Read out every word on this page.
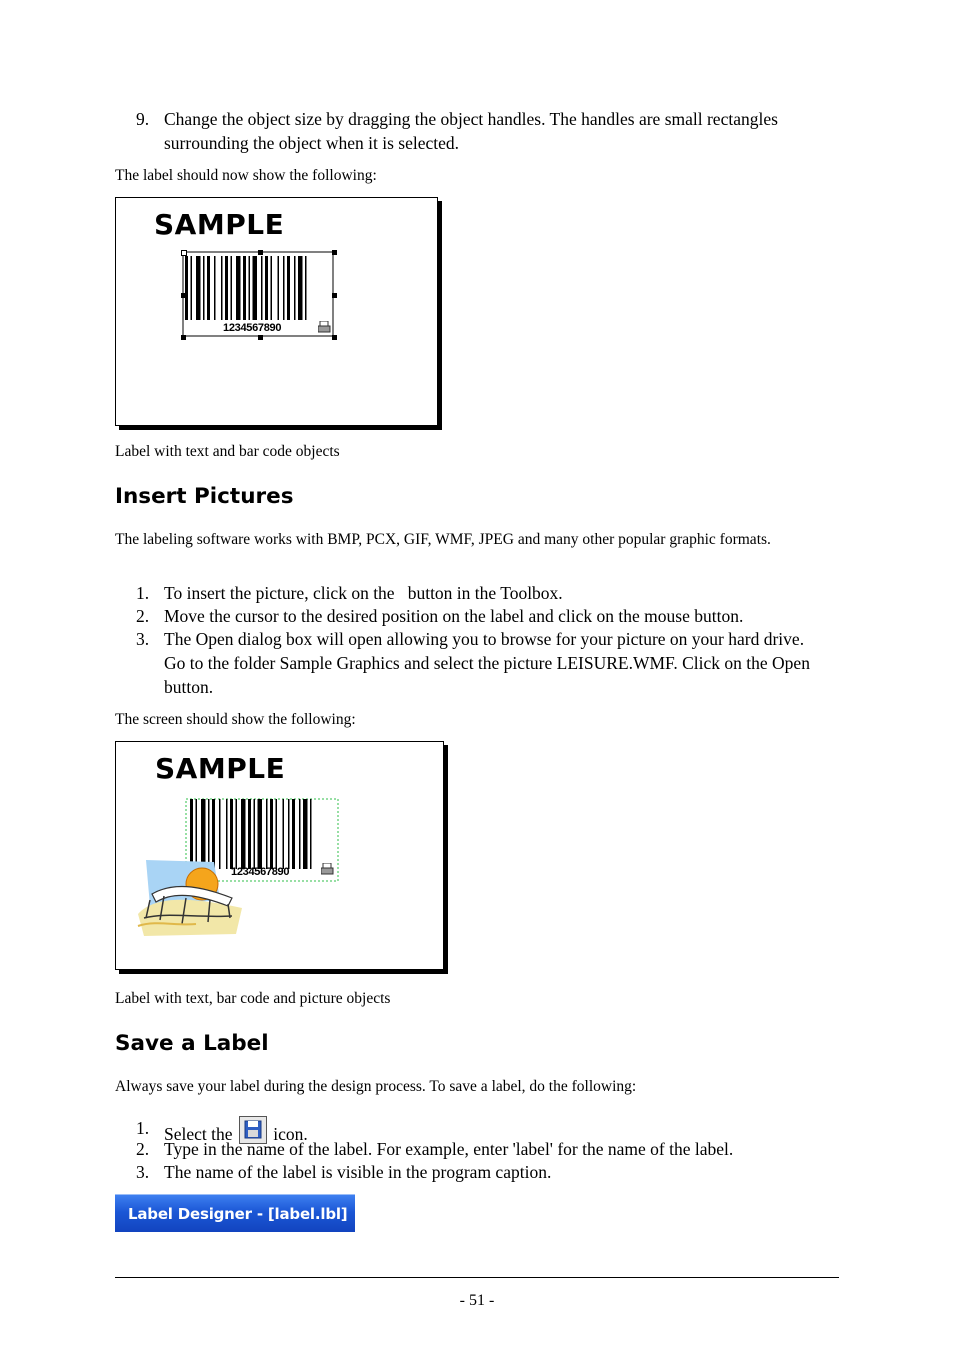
9. Change the object size by dragging the object handles. The handles are small rectangles surrounding the object when it is selected.
The label should now show the following:
SAMPLE
1234567890
Label with text and bar code objects
Insert Pictures
The labeling software works with BMP, PCX, GIF, WMF, JPEG and many other popular graphic formats.
1. To insert the picture, click on the   button in the Toolbox.
2. Move the cursor to the desired position on the label and click on the mouse button.
3. The Open dialog box will open allowing you to browse for your picture on your hard drive. Go to the folder Sample Graphics and select the picture LEISURE.WMF. Click on the Open button.
The screen should show the following:
SAMPLE
1234567890
Label with text, bar code and picture objects
Save a Label
Always save your label during the design process. To save a label, do the following:
1. Select the icon.
2. Type in the name of the label. For example, enter 'label' for the name of the label.
3. The name of the label is visible in the program caption.
Label Designer - [label.lbl]
- 51 -
